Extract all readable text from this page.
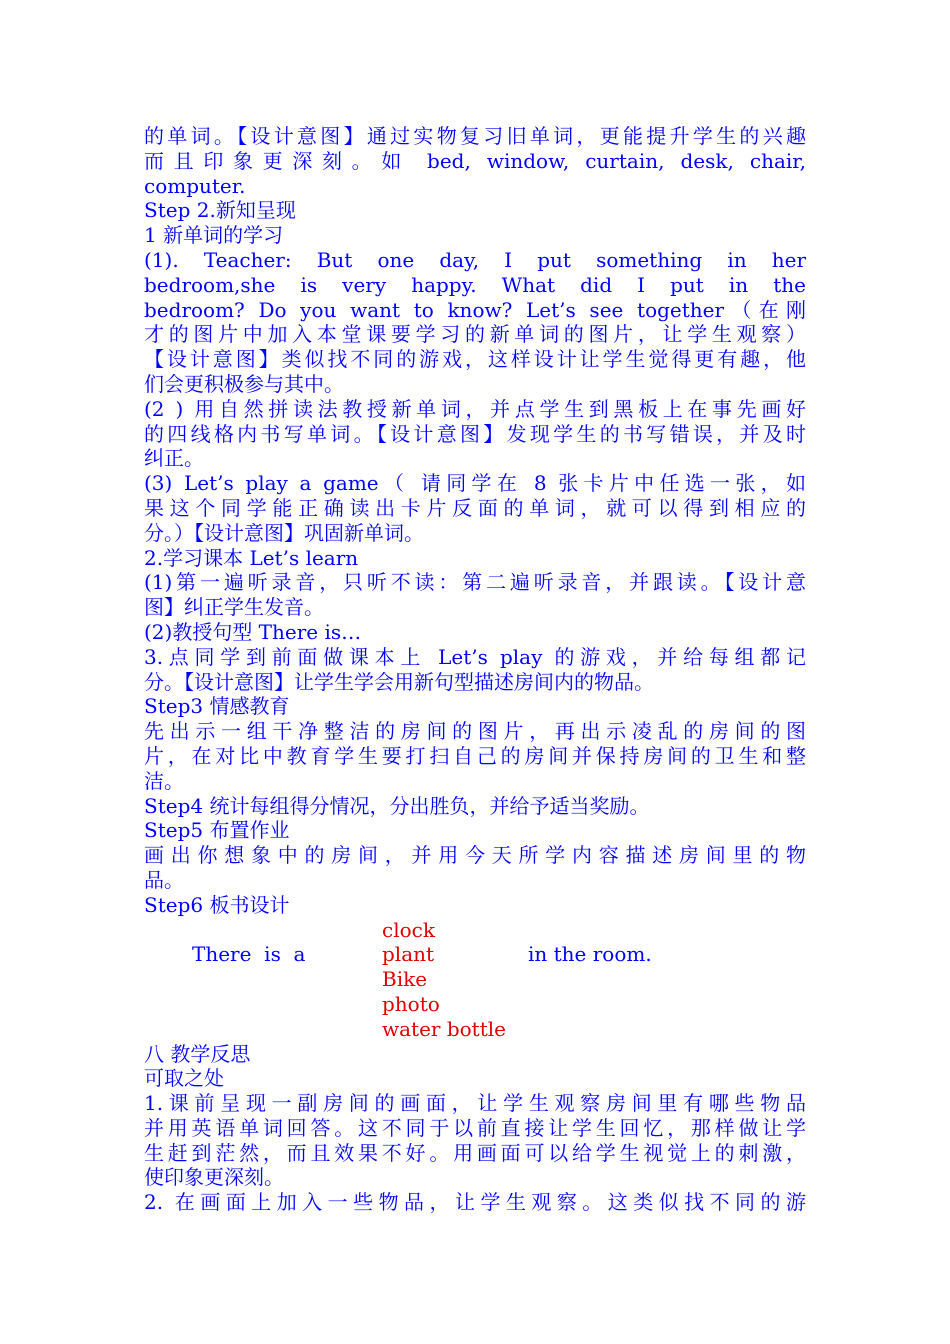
的单词。【设计意图】通过实物复习旧单词，更能提升学生的兴趣
而且印象更深刻。如 bed, window, curtain, desk, chair,
computer.
Step 2.新知呈现
1 新单词的学习
(1). Teacher: But one day, I put something in her
bedroom,she is very happy. What did I put in the
bedroom? Do you want to know? Let’s see together（在刚
才的图片中加入本堂课要学习的新单词的图片，让学生观察）
【设计意图】类似找不同的游戏，这样设计让学生觉得更有趣，他
们会更积极参与其中。
(2 ) 用自然拼读法教授新单词，并点学生到黑板上在事先画好
的四线格内书写单词。【设计意图】发现学生的书写错误，并及时
纠正。
(3) Let’s play a game（ 请同学在 8 张卡片中任选一张，如
果这个同学能正确读出卡片反面的单词，就可以得到相应的
分。）【设计意图】巩固新单词。
2.学习课本 Let’s learn
(1)第一遍听录音，只听不读：第二遍听录音，并跟读。【设计意
图】纠正学生发音。
(2)教授句型 There is…
3.点同学到前面做课本上 Let’s play 的游戏，并给每组都记
分。【设计意图】让学生学会用新句型描述房间内的物品。
Step3 情感教育
先出示一组干净整洁的房间的图片，再出示凌乱的房间的图
片，在对比中教育学生要打扫自己的房间并保持房间的卫生和整
洁。
Step4 统计每组得分情况，分出胜负，并给予适当奖励。
Step5 布置作业
画出你想象中的房间，并用今天所学内容描述房间里的物
品。
Step6 板书设计
There  is  a
clock
plant
Bike
photo
water bottle
in the room.
八 教学反思
可取之处
1.课前呈现一副房间的画面，让学生观察房间里有哪些物品
并用英语单词回答。这不同于以前直接让学生回忆，那样做让学
生赶到茫然，而且效果不好。用画面可以给学生视觉上的刺激，
使印象更深刻。
2. 在画面上加入一些物品，让学生观察。这类似找不同的游
